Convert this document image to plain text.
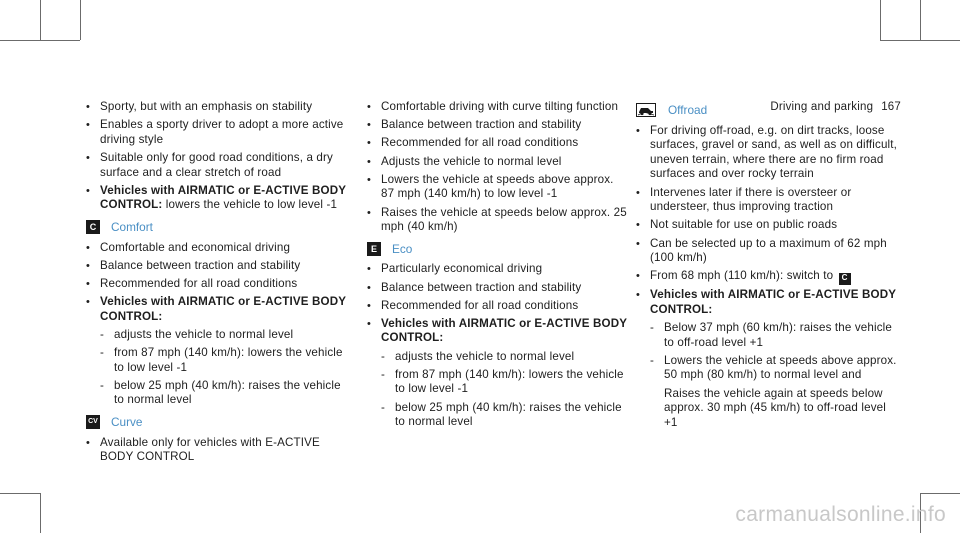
Driving and parking 167
• Sporty, but with an emphasis on stability
• Enables a sporty driver to adopt a more active driving style
• Suitable only for good road conditions, a dry surface and a clear stretch of road
• Vehicles with AIRMATIC or E-ACTIVE BODY CONTROL: lowers the vehicle to low level -1
C	Comfort
• Comfortable and economical driving
• Balance between traction and stability
• Recommended for all road conditions
• Vehicles with AIRMATIC or E-ACTIVE BODY CONTROL:
- adjusts the vehicle to normal level
- from 87 mph (140 km/h): lowers the vehicle to low level -1
- below 25 mph (40 km/h): raises the vehicle to normal level
CV Curve
• Available only for vehicles with E-ACTIVE BODY CONTROL
• Comfortable driving with curve tilting function
• Balance between traction and stability
• Recommended for all road conditions
• Adjusts the vehicle to normal level
• Lowers the vehicle at speeds above approx. 87 mph (140 km/h) to low level -1
• Raises the vehicle at speeds below approx. 25 mph (40 km/h)
E	Eco
• Particularly economical driving
• Balance between traction and stability
• Recommended for all road conditions
• Vehicles with AIRMATIC or E-ACTIVE BODY CONTROL:
- adjusts the vehicle to normal level
- from 87 mph (140 km/h): lowers the vehicle to low level -1
- below 25 mph (40 km/h): raises the vehicle to normal level
Offroad
• For driving off-road, e.g. on dirt tracks, loose surfaces, gravel or sand, as well as on difficult, uneven terrain, where there are no firm road surfaces and over rocky terrain
• Intervenes later if there is oversteer or understeer, thus improving traction
• Not suitable for use on public roads
• Can be selected up to a maximum of 62 mph (100 km/h)
• From 68 mph (110 km/h): switch to C
• Vehicles with AIRMATIC or E-ACTIVE BODY CONTROL:
- Below 37 mph (60 km/h): raises the vehicle to off-road level +1
- Lowers the vehicle at speeds above approx. 50 mph (80 km/h) to normal level and
Raises the vehicle again at speeds below approx. 30 mph (45 km/h) to off-road level +1
carmanualsonline.info
